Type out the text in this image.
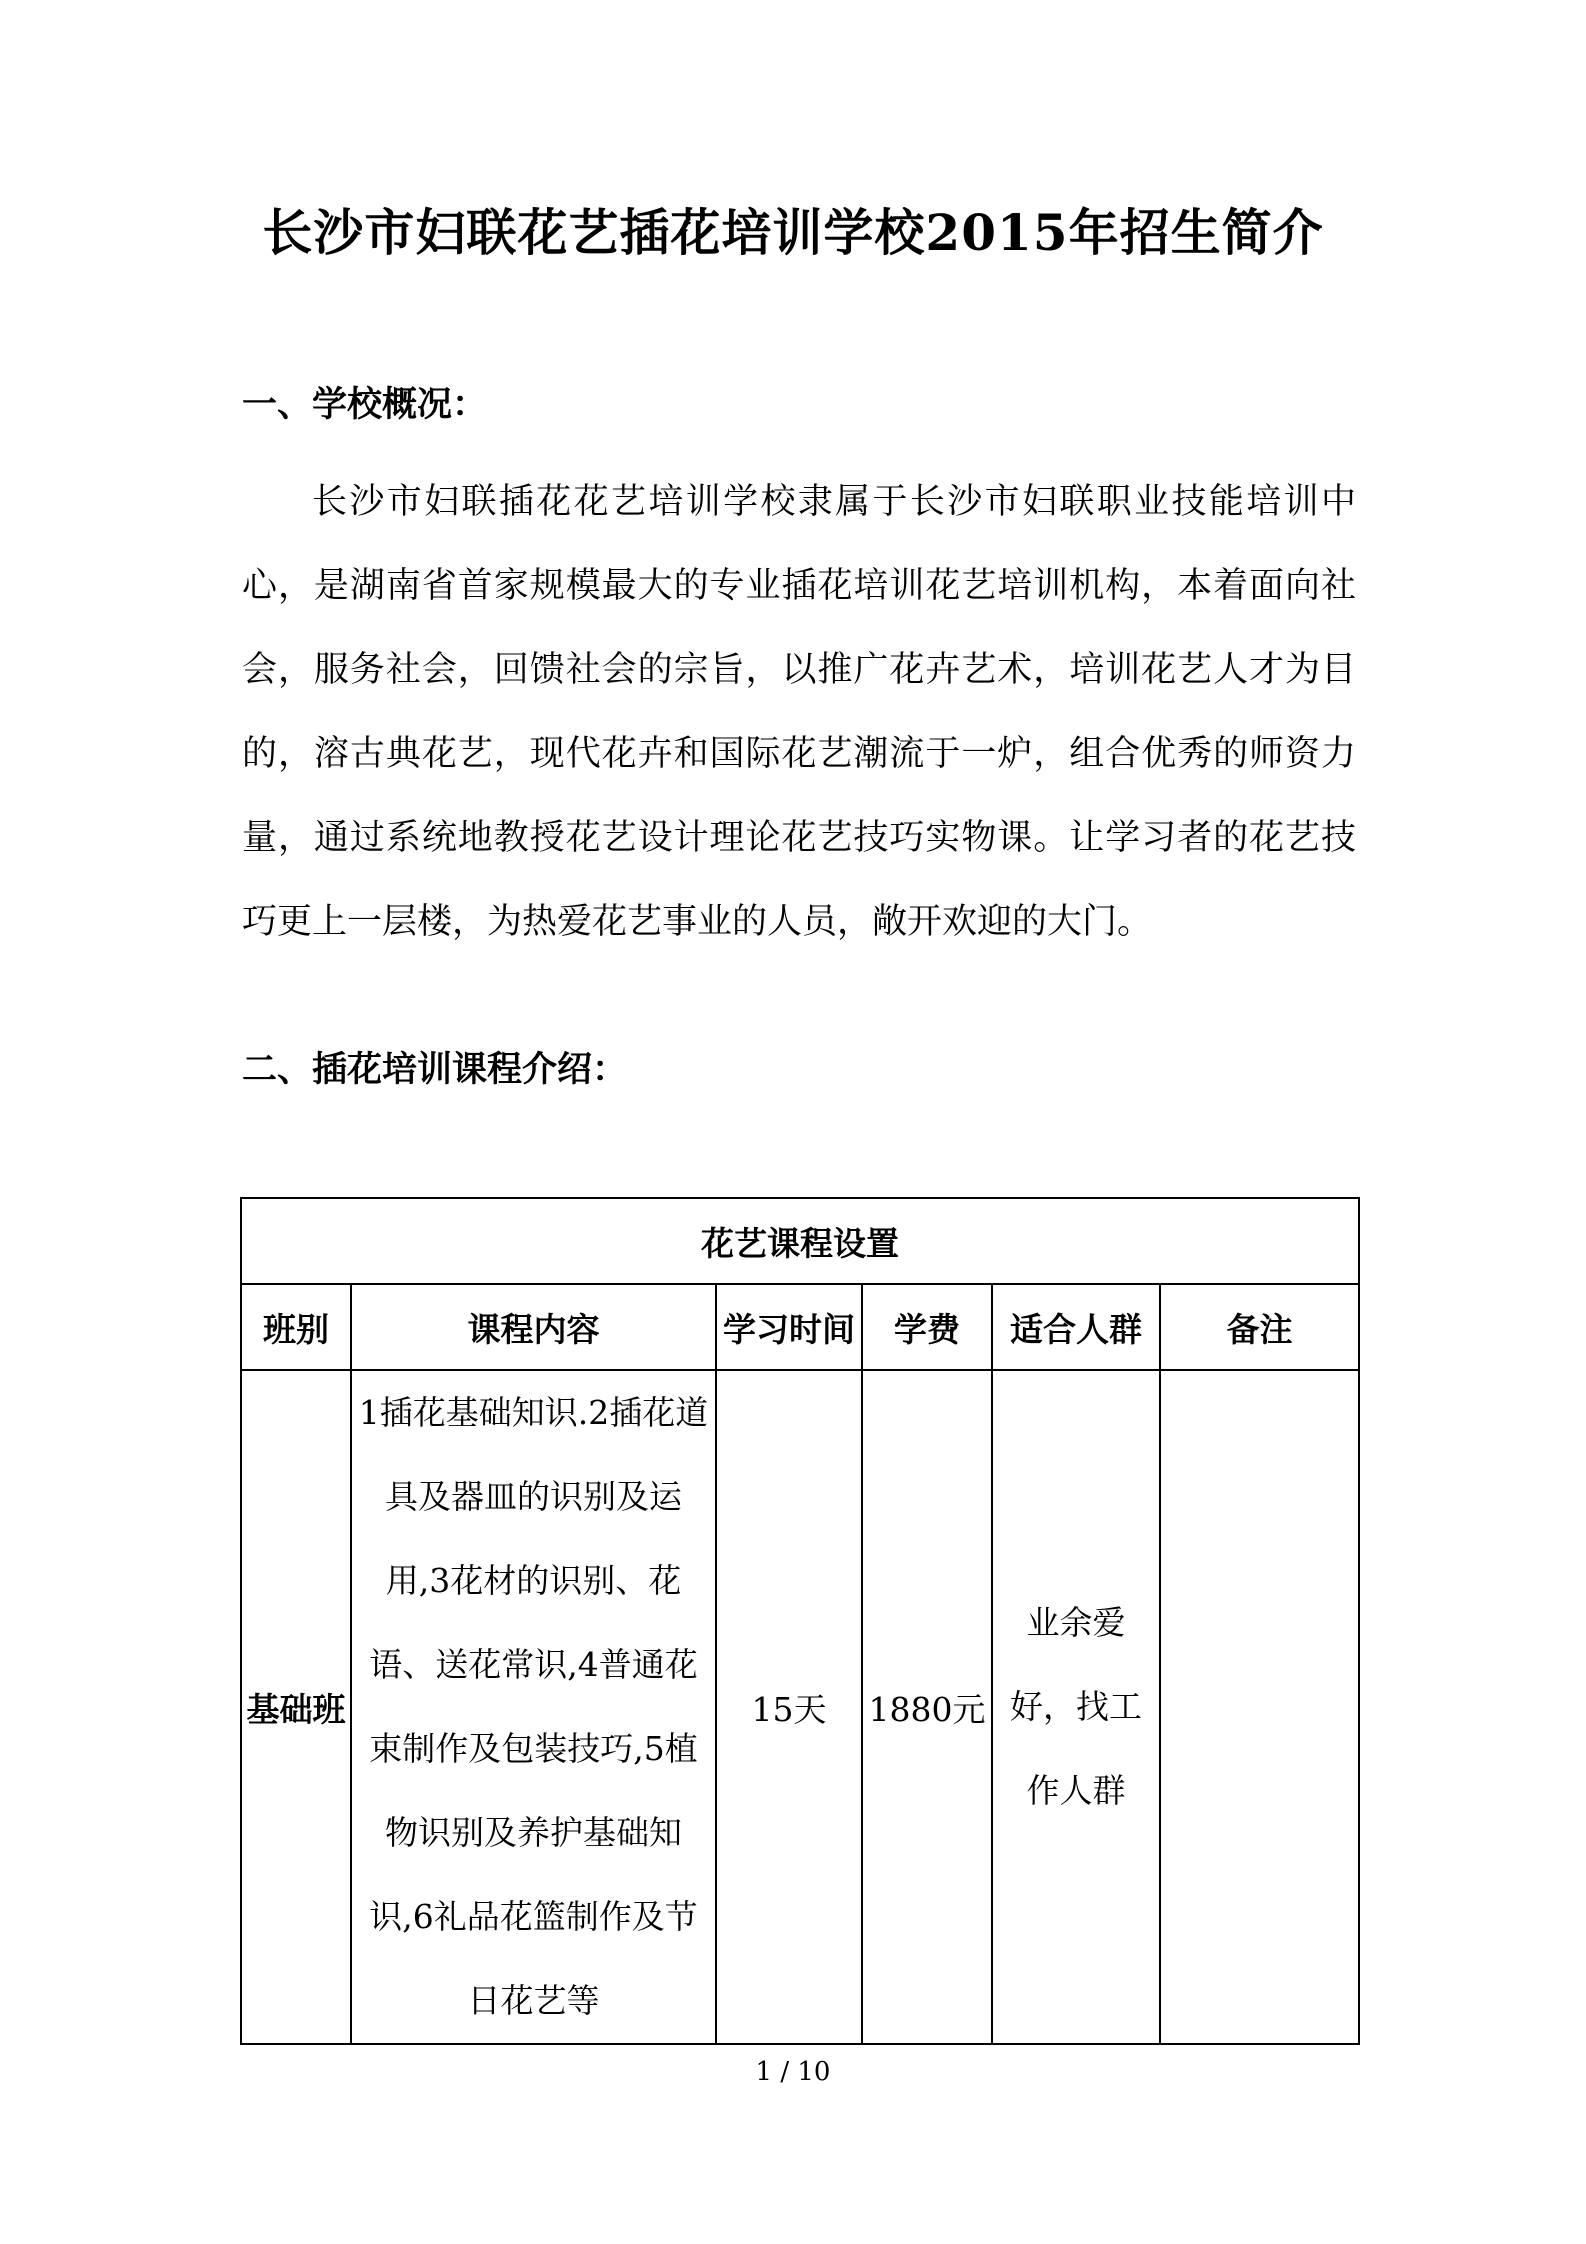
长沙市妇联花艺插花培训学校2015年招生简介
一、学校概况：

长沙市妇联插花花艺培训学校隶属于长沙市妇联职业技能培训中心，是湖南省首家规模最大的专业插花培训花艺培训机构，本着面向社会，服务社会，回馈社会的宗旨，以推广花卉艺术，培训花艺人才为目的，溶古典花艺，现代花卉和国际花艺潮流于一炉，组合优秀的师资力量，通过系统地教授花艺设计理论花艺技巧实物课。让学习者的花艺技巧更上一层楼，为热爱花艺事业的人员，敞开欢迎的大门。

二、插花培训课程介绍：
花艺课程设置					
班别	课程内容	学习时间	学费	适合人群	备注
基础班	1插花基础知识.2插花道具及器皿的识别及运用,3花材的识别、花语、送花常识,4普通花束制作及包装技巧,5植物识别及养护基础知识,6礼品花篮制作及节日花艺等	15天	1880元	业余爱好，找工作人群	

1 / 10
